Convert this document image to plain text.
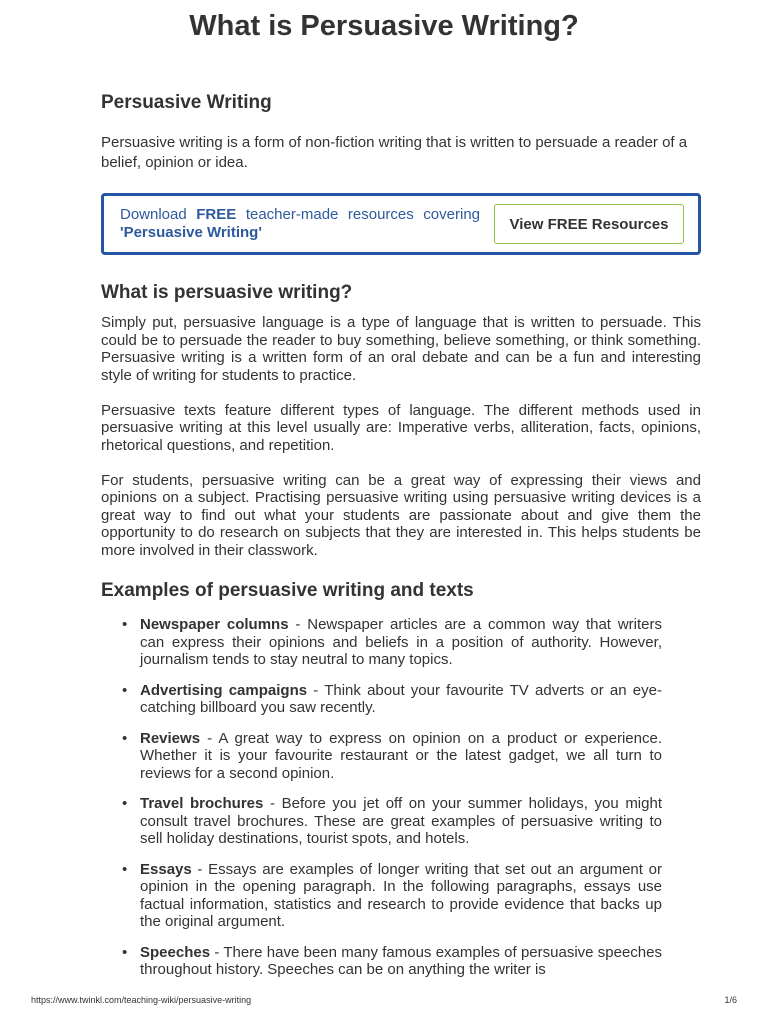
What is Persuasive Writing?
Persuasive Writing

Persuasive writing is a form of non-fiction writing that is written to persuade a reader of a belief, opinion or idea.

Download FREE teacher-made resources covering 'Persuasive Writing'	View FREE Resources
What is persuasive writing?

Simply put, persuasive language is a type of language that is written to persuade. This could be to persuade the reader to buy something, believe something, or think something. Persuasive writing is a written form of an oral debate and can be a fun and interesting style of writing for students to practice.

Persuasive texts feature different types of language. The different methods used in persuasive writing at this level usually are: Imperative verbs, alliteration, facts, opinions, rhetorical questions, and repetition.

For students, persuasive writing can be a great way of expressing their views and opinions on a subject. Practising persuasive writing using persuasive writing devices is a great way to find out what your students are passionate about and give them the opportunity to do research on subjects that they are interested in. This helps students be more involved in their classwork.

Examples of persuasive writing and texts
• Newspaper columns - Newspaper articles are a common way that writers can express their opinions and beliefs in a position of authority. However, journalism tends to stay neutral to many topics.
• Advertising campaigns - Think about your favourite TV adverts or an eye-catching billboard you saw recently.
• Reviews - A great way to express on opinion on a product or experience. Whether it is your favourite restaurant or the latest gadget, we all turn to reviews for a second opinion.
• Travel brochures - Before you jet off on your summer holidays, you might consult travel brochures. These are great examples of persuasive writing to sell holiday destinations, tourist spots, and hotels.
• Essays - Essays are examples of longer writing that set out an argument or opinion in the opening paragraph. In the following paragraphs, essays use factual information, statistics and research to provide evidence that backs up the original argument.
• Speeches - There have been many famous examples of persuasive speeches throughout history. Speeches can be on anything the writer is
https://www.twinkl.com/teaching-wiki/persuasive-writing	1/6
